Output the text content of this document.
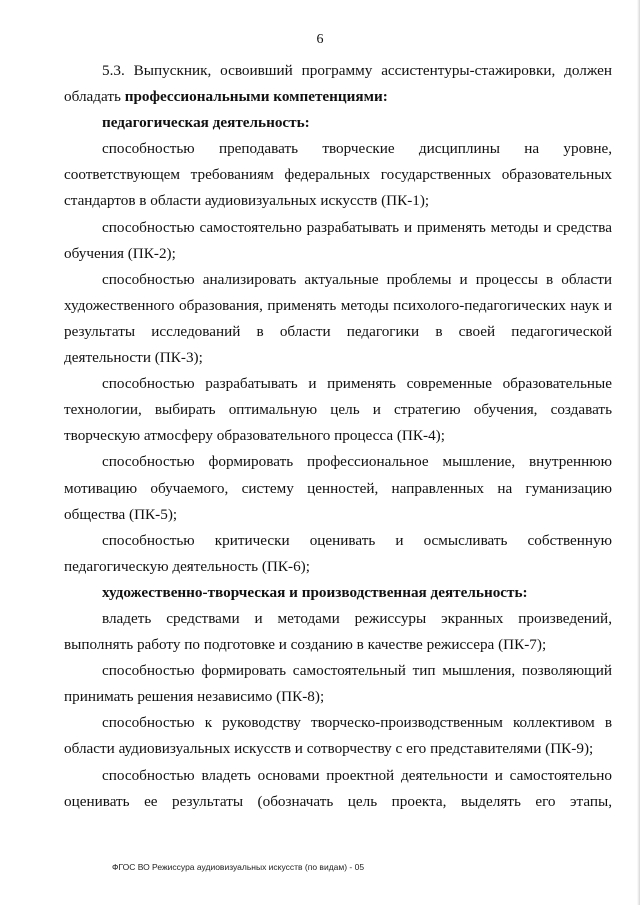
6

5.3. Выпускник, освоивший программу ассистентуры-стажировки, должен обладать профессиональными компетенциями:

педагогическая деятельность:

способностью преподавать творческие дисциплины на уровне, соответствующем требованиям федеральных государственных образовательных стандартов в области аудиовизуальных искусств (ПК-1);

способностью самостоятельно разрабатывать и применять методы и средства обучения (ПК-2);

способностью анализировать актуальные проблемы и процессы в области художественного образования, применять методы психолого-педагогических наук и результаты исследований в области педагогики в своей педагогической деятельности (ПК-3);

способностью разрабатывать и применять современные образовательные технологии, выбирать оптимальную цель и стратегию обучения, создавать творческую атмосферу образовательного процесса (ПК-4);

способностью формировать профессиональное мышление, внутреннюю мотивацию обучаемого, систему ценностей, направленных на гуманизацию общества (ПК-5);

способностью критически оценивать и осмысливать собственную педагогическую деятельность (ПК-6);

художественно-творческая и производственная деятельность:

владеть средствами и методами режиссуры экранных произведений, выполнять работу по подготовке и созданию в качестве режиссера (ПК-7);

способностью формировать самостоятельный тип мышления, позволяющий принимать решения независимо (ПК-8);

способностью к руководству творческо-производственным коллективом в области аудиовизуальных искусств и сотворчеству с его представителями (ПК-9);

способностью владеть основами проектной деятельности и самостоятельно оценивать ее результаты (обозначать цель проекта, выделять его этапы,

ФГОС ВО Режиссура аудиовизуальных искусств (по видам) - 05
